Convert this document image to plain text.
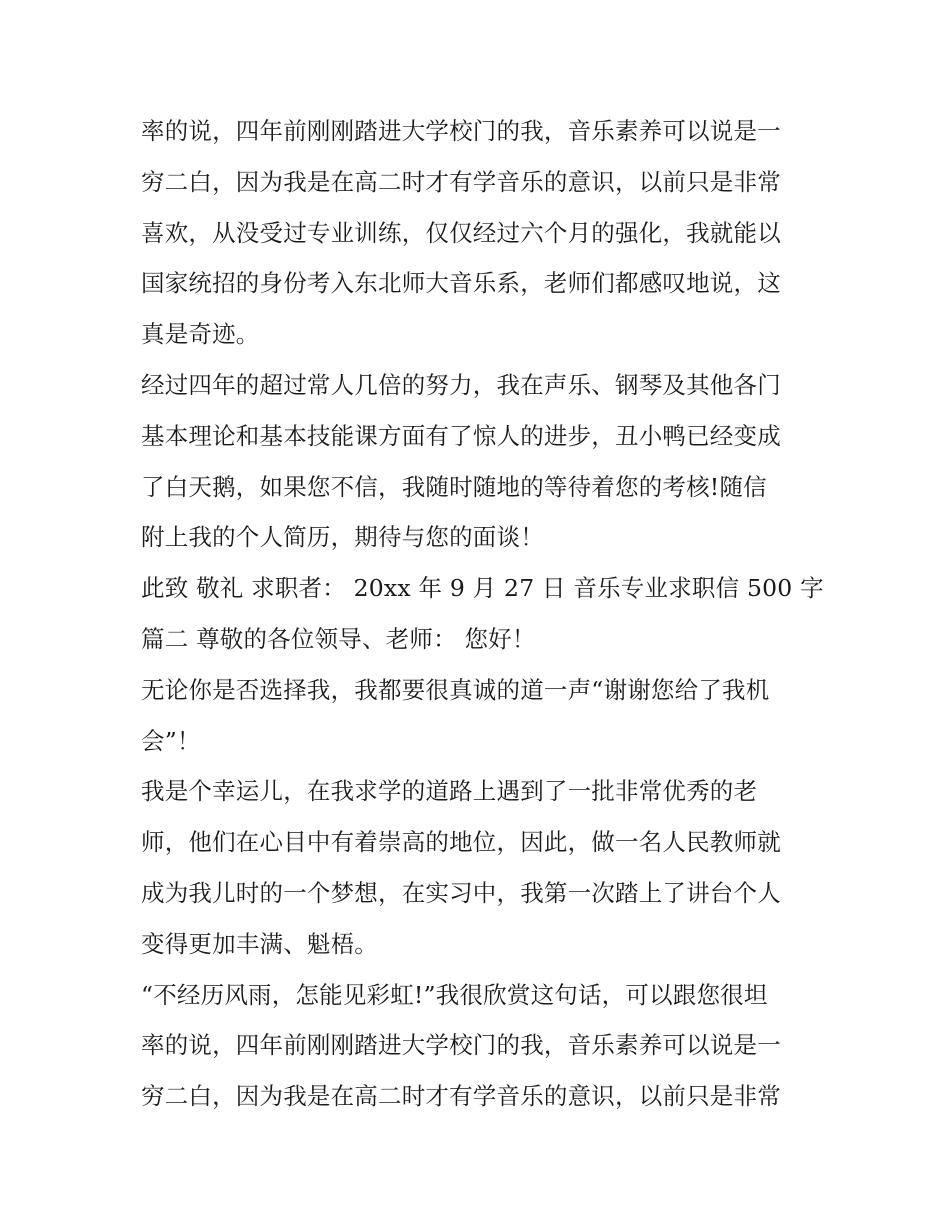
率的说，四年前刚刚踏进大学校门的我，音乐素养可以说是一
穷二白，因为我是在高二时才有学音乐的意识，以前只是非常
喜欢，从没受过专业训练，仅仅经过六个月的强化，我就能以
国家统招的身份考入东北师大音乐系，老师们都感叹地说，这
真是奇迹。
经过四年的超过常人几倍的努力，我在声乐、钢琴及其他各门
基本理论和基本技能课方面有了惊人的进步，丑小鸭已经变成
了白天鹅，如果您不信，我随时随地的等待着您的考核!随信
附上我的个人简历，期待与您的面谈！
此致 敬礼 求职者： 20xx 年 9 月 27 日 音乐专业求职信 500 字
篇二 尊敬的各位领导、老师： 您好！
无论你是否选择我，我都要很真诚的道一声“谢谢您给了我机
会”！
我是个幸运儿，在我求学的道路上遇到了一批非常优秀的老
师，他们在心目中有着崇高的地位，因此，做一名人民教师就
成为我儿时的一个梦想，在实习中，我第一次踏上了讲台个人
变得更加丰满、魁梧。
“不经历风雨，怎能见彩虹!”我很欣赏这句话，可以跟您很坦
率的说，四年前刚刚踏进大学校门的我，音乐素养可以说是一
穷二白，因为我是在高二时才有学音乐的意识，以前只是非常
